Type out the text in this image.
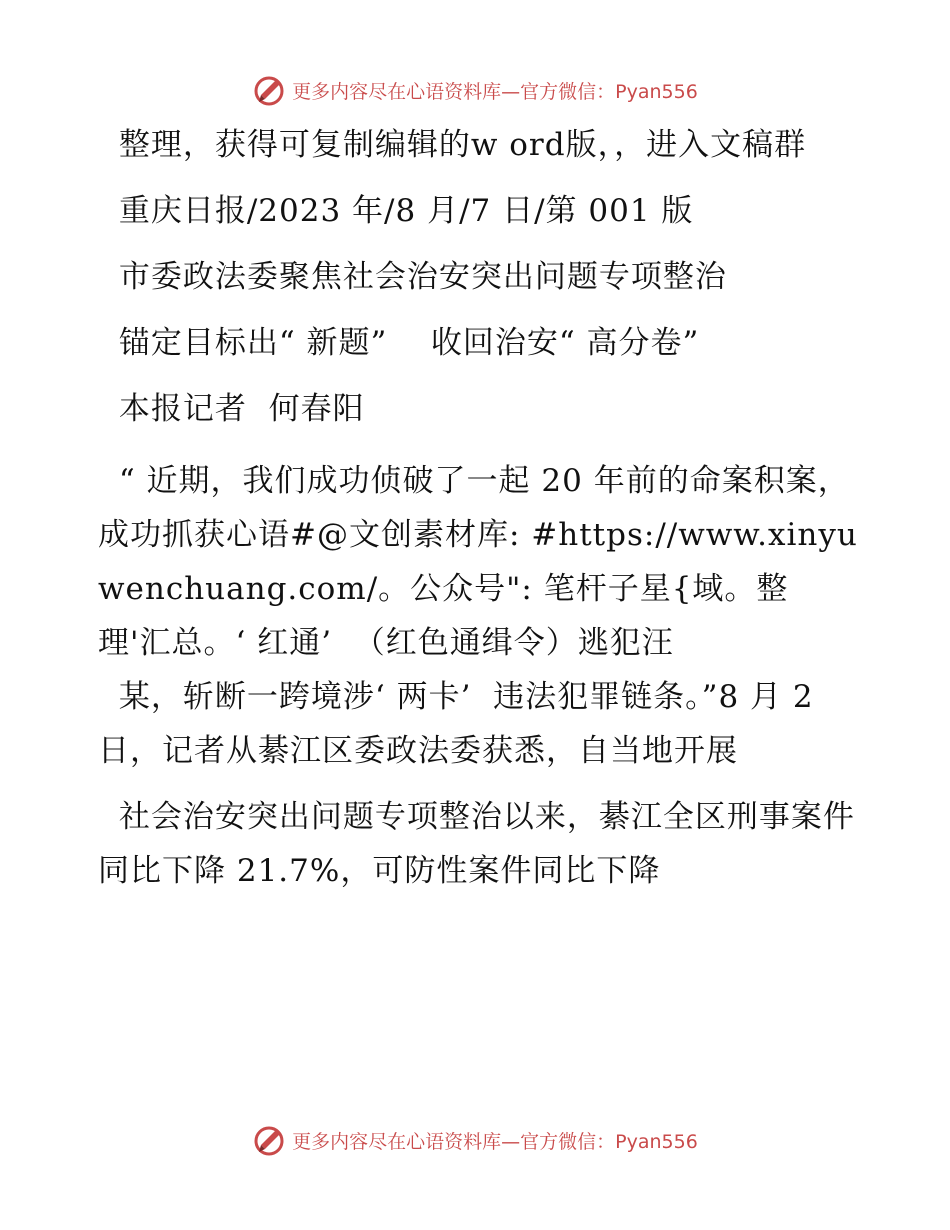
更多内容尽在心语资料库—官方微信：Pyan556

整理，获得可复制编辑的w ord版，，进入文稿群

重庆日报/2023 年/8 月/7 日/第 001 版

市委政法委聚焦社会治安突出问题专项整治

锚定目标出“ 新题”    收回治安“ 高分卷”

本报记者  何春阳

“ 近期，我们成功侦破了一起 20 年前的命案积案，成功抓获心语#@文创素材库: #https://www.xinyuwenchuang.com/。公众号": 笔杆子星{域。整理'汇总。‘ 红通’  （红色通缉令）逃犯汪

某，斩断一跨境涉‘ 两卡’  违法犯罪链条。”8 月 2 日，记者从綦江区委政法委获悉，自当地开展

社会治安突出问题专项整治以来，綦江全区刑事案件同比下降 21.7%，可防性案件同比下降

更多内容尽在心语资料库—官方微信：Pyan556
